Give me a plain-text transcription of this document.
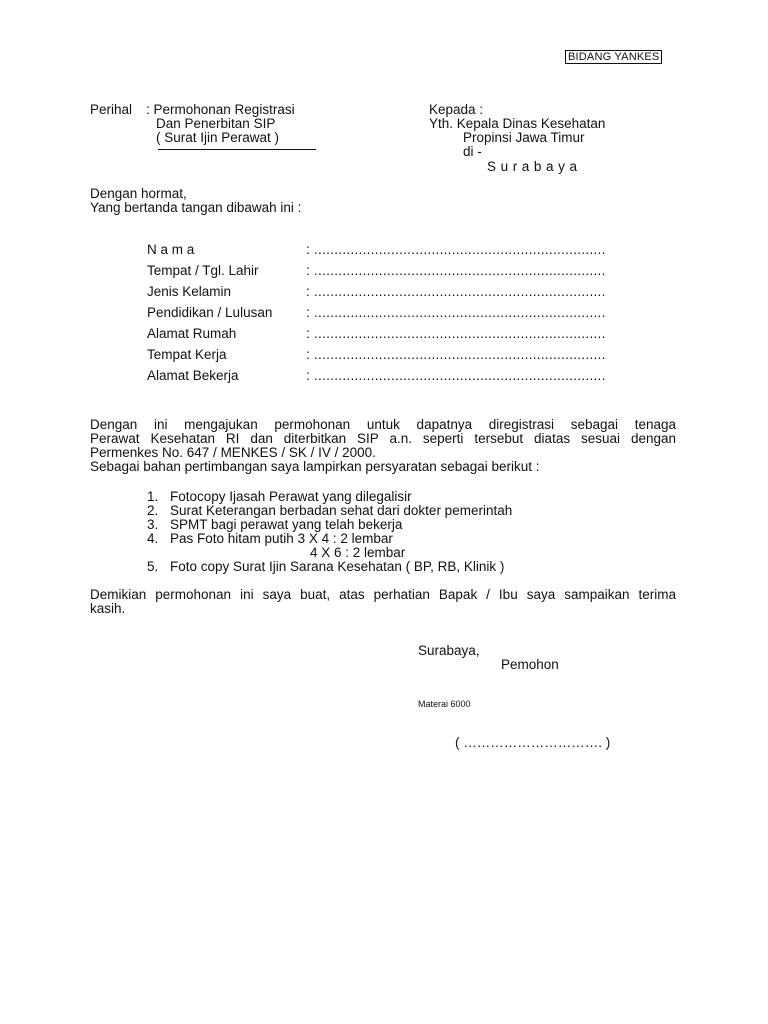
BIDANG YANKES
Perihal : Permohonan Registrasi
Dan Penerbitan SIP
( Surat Ijin Perawat )
Kepada :
Yth. Kepala Dinas Kesehatan
Propinsi Jawa Timur
di -
Surabaya
Dengan hormat,
Yang bertanda tangan dibawah ini :
N a m a	: ........................................................................
Tempat / Tgl. Lahir	: ........................................................................
Jenis Kelamin	: ........................................................................
Pendidikan / Lulusan : ........................................................................
Alamat Rumah	: ........................................................................
Tempat Kerja	: ........................................................................
Alamat Bekerja	: ........................................................................
Dengan ini mengajukan permohonan untuk dapatnya diregistrasi sebagai tenaga
Perawat Kesehatan RI dan diterbitkan SIP a.n. seperti tersebut diatas sesuai dengan
Permenkes No. 647 / MENKES / SK / IV / 2000.
Sebagai bahan pertimbangan saya lampirkan persyaratan sebagai berikut :
1. Fotocopy Ijasah Perawat yang dilegalisir
2. Surat Keterangan berbadan sehat dari dokter pemerintah
3. SPMT bagi perawat yang telah bekerja
4. Pas Foto hitam putih 3 X 4 : 2 lembar
4 X 6 : 2 lembar
5. Foto copy Surat Ijin Sarana Kesehatan ( BP, RB, Klinik )
Demikian permohonan ini saya buat, atas perhatian Bapak / Ibu saya sampaikan terima
kasih.
Surabaya,
Pemohon
Materai 6000
( …………………………. )
